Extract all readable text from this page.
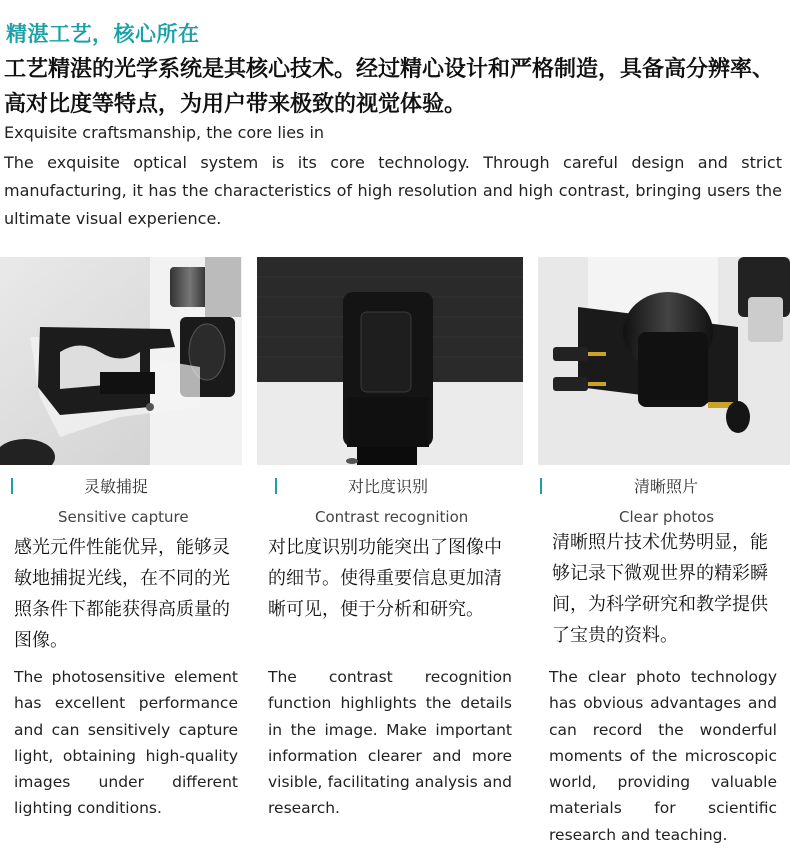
精湛工艺，核心所在
工艺精湛的光学系统是其核心技术。经过精心设计和严格制造，具备高分辨率、高对比度等特点，为用户带来极致的视觉体验。
Exquisite craftsmanship, the core lies in
The exquisite optical system is its core technology. Through careful design and strict manufacturing, it has the characteristics of high resolution and high contrast, bringing users the ultimate visual experience.
灵敏捕捉
Sensitive capture
对比度识别
Contrast recognition
清晰照片
Clear photos
感光元件性能优异，能够灵敏地捕捉光线，在不同的光照条件下都能获得高质量的图像。
对比度识别功能突出了图像中的细节。使得重要信息更加清晰可见，便于分析和研究。
清晰照片技术优势明显，能够记录下微观世界的精彩瞬间，为科学研究和教学提供了宝贵的资料。
The photosensitive element has excellent performance and can sensitively capture light, obtaining high-quality images under different lighting conditions.
The contrast recognition function highlights the details in the image. Make important information clearer and more visible, facilitating analysis and research.
The clear photo technology has obvious advantages and can record the wonderful moments of the microscopic world, providing valuable materials for scientific research and teaching.
